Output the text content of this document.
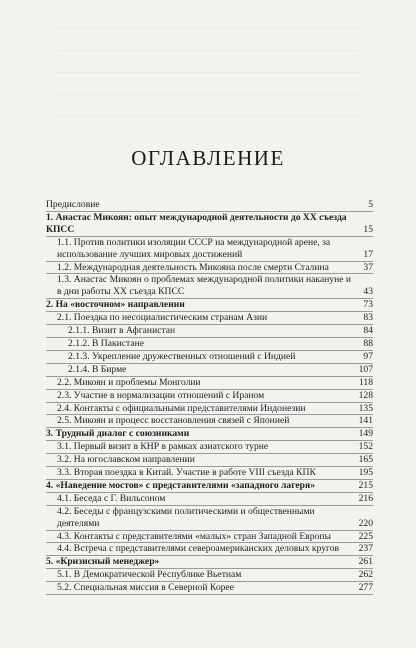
ОГЛАВЛЕНИЕ
Предисловие	5
1. Анастас Микоян: опыт международной деятельности до XX съезда КПСС	15
1.1. Против политики изоляции СССР на международной арене, за использование лучших мировых достижений	17
1.2. Международная деятельность Микояна после смерти Сталина	37
1.3. Анастас Микоян о проблемах международной политики накануне и в дни работы XX съезда КПСС	43
2. На «восточном» направлении	73
2.1. Поездка по несоциалистическим странам Азии	83
2.1.1. Визит в Афганистан	84
2.1.2. В Пакистане	88
2.1.3. Укрепление дружественных отношений с Индией	97
2.1.4. В Бирме	107
2.2. Микоян и проблемы Монголии	118
2.3. Участие в нормализации отношений с Ираном	128
2.4. Контакты с официальными представителями Индонезии	135
2.5. Микоян и процесс восстановления связей с Японией	141
3. Трудный диалог с союзниками	149
3.1. Первый визит в КНР в рамках азиатского турне	152
3.2. На югославском направлении	165
3.3. Вторая поездка в Китай. Участие в работе VIII съезда КПК	195
4. «Наведение мостов» с представителями «западного лагеря»	215
4.1. Беседа с Г. Вильсоном	216
4.2. Беседы с французскими политическими и общественными деятелями	220
4.3. Контакты с представителями «малых» стран Западной Европы	225
4.4. Встреча с представителями североамериканских деловых кругов	237
5. «Кризисный менеджер»	261
5.1. В Демократической Республике Вьетнам	262
5.2. Специальная миссия в Северной Корее	277
